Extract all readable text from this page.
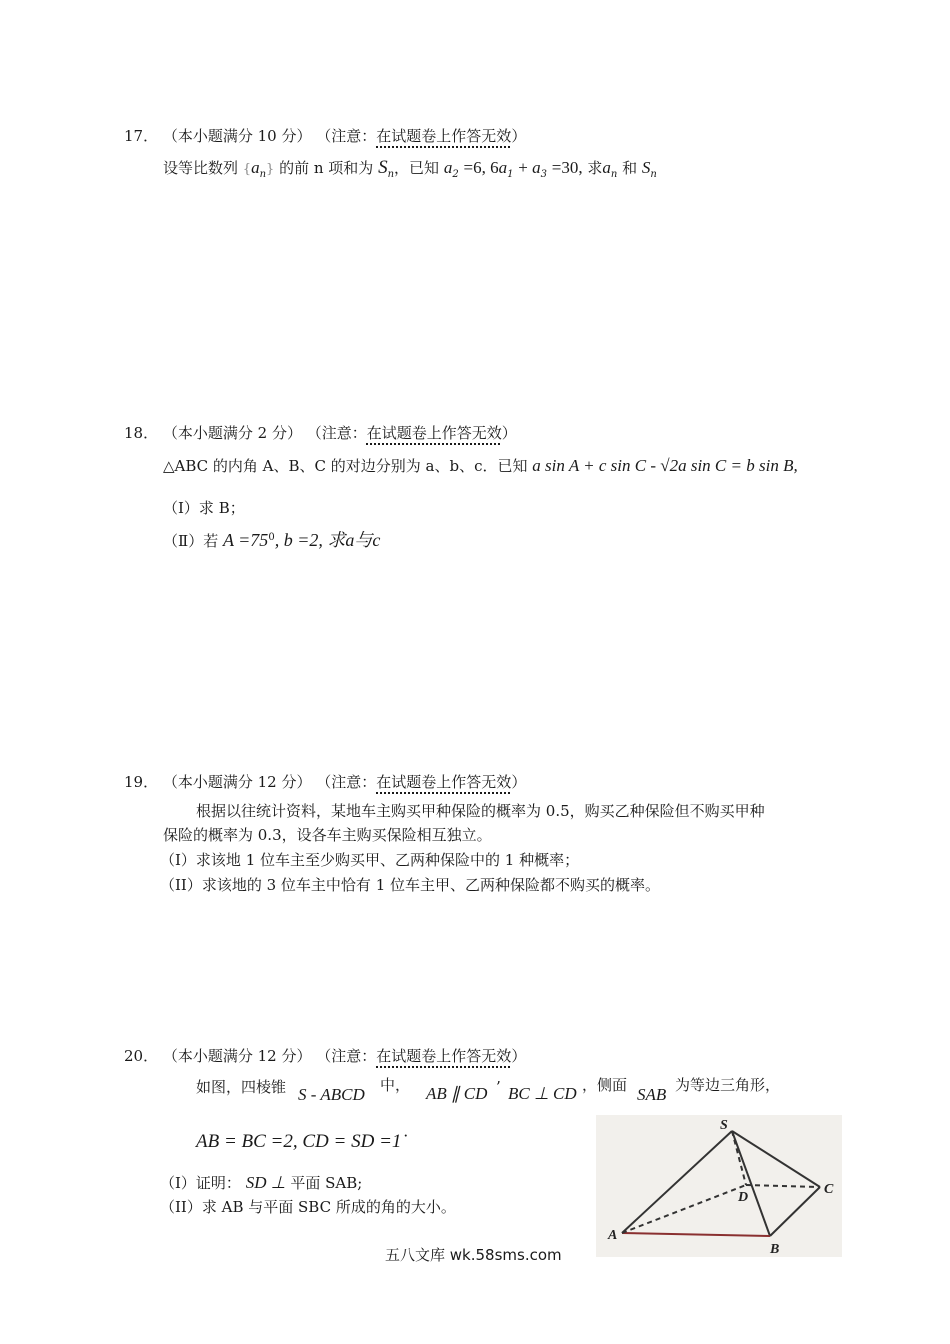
17． （本小题满分 10 分） （注意：在试题卷上作答无效）
设等比数列 $\{a_n\}$ 的前 n 项和为 $S_n$，已知 $a_2 =6$, $6a_1 + a_3 =30$, 求$a_n$ 和 $S_n$
18． （本小题满分 2 分） （注意：在试题卷上作答无效）
△ABC 的内角 A、B、C 的对边分别为 a、b、c．已知 a sin A + c sin C - √2a sin C = b sin B,
（Ⅰ）求 B；
（Ⅱ）若 $A =75^0$, b =2, 求a与c
19． （本小题满分 12 分） （注意：在试题卷上作答无效）
根据以往统计资料，某地车主购买甲种保险的概率为 0.5，购买乙种保险但不购买甲种
保险的概率为 0.3，设各车主购买保险相互独立。
（I）求该地 1 位车主至少购买甲、乙两种保险中的 1 种概率；
（II）求该地的 3 位车主中恰有 1 位车主甲、乙两种保险都不购买的概率。
20． （本小题满分 12 分） （注意：在试题卷上作答无效）
如图，四棱锥 S - ABCD 中， AB ∥ CD ’ BC ⊥ CD ，侧面 SAB 为等边三角形，
AB = BC =2, CD = SD =1˙
（I）证明： SD ⊥ 平面 SAB;
（II）求 AB 与平面 SBC 所成的角的大小。
S
D
C
A
B
五八文库 wk.58sms.com
